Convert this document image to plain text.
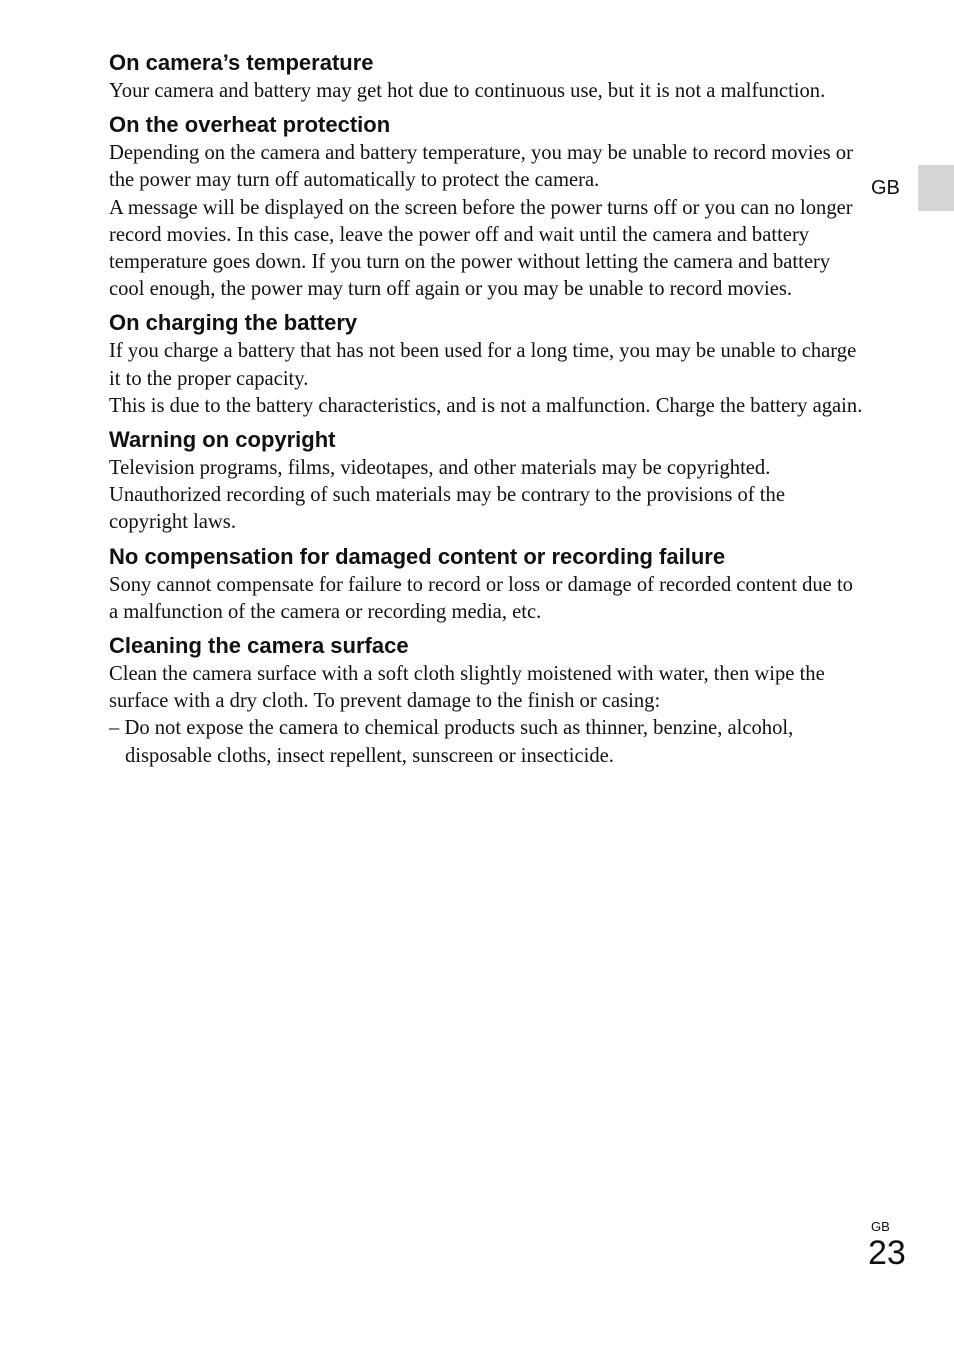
GB
On camera’s temperature

Your camera and battery may get hot due to continuous use, but it is not a malfunction.

On the overheat protection

Depending on the camera and battery temperature, you may be unable to record movies or the power may turn off automatically to protect the camera.

A message will be displayed on the screen before the power turns off or you can no longer record movies. In this case, leave the power off and wait until the camera and battery temperature goes down. If you turn on the power without letting the camera and battery cool enough, the power may turn off again or you may be unable to record movies.

On charging the battery

If you charge a battery that has not been used for a long time, you may be unable to charge it to the proper capacity.

This is due to the battery characteristics, and is not a malfunction. Charge the battery again.

Warning on copyright

Television programs, films, videotapes, and other materials may be copyrighted. Unauthorized recording of such materials may be contrary to the provisions of the copyright laws.

No compensation for damaged content or recording failure

Sony cannot compensate for failure to record or loss or damage of recorded content due to a malfunction of the camera or recording media, etc.

Cleaning the camera surface

Clean the camera surface with a soft cloth slightly moistened with water, then wipe the surface with a dry cloth. To prevent damage to the finish or casing:

– Do not expose the camera to chemical products such as thinner, benzine, alcohol, disposable cloths, insect repellent, sunscreen or insecticide.

GB
23
